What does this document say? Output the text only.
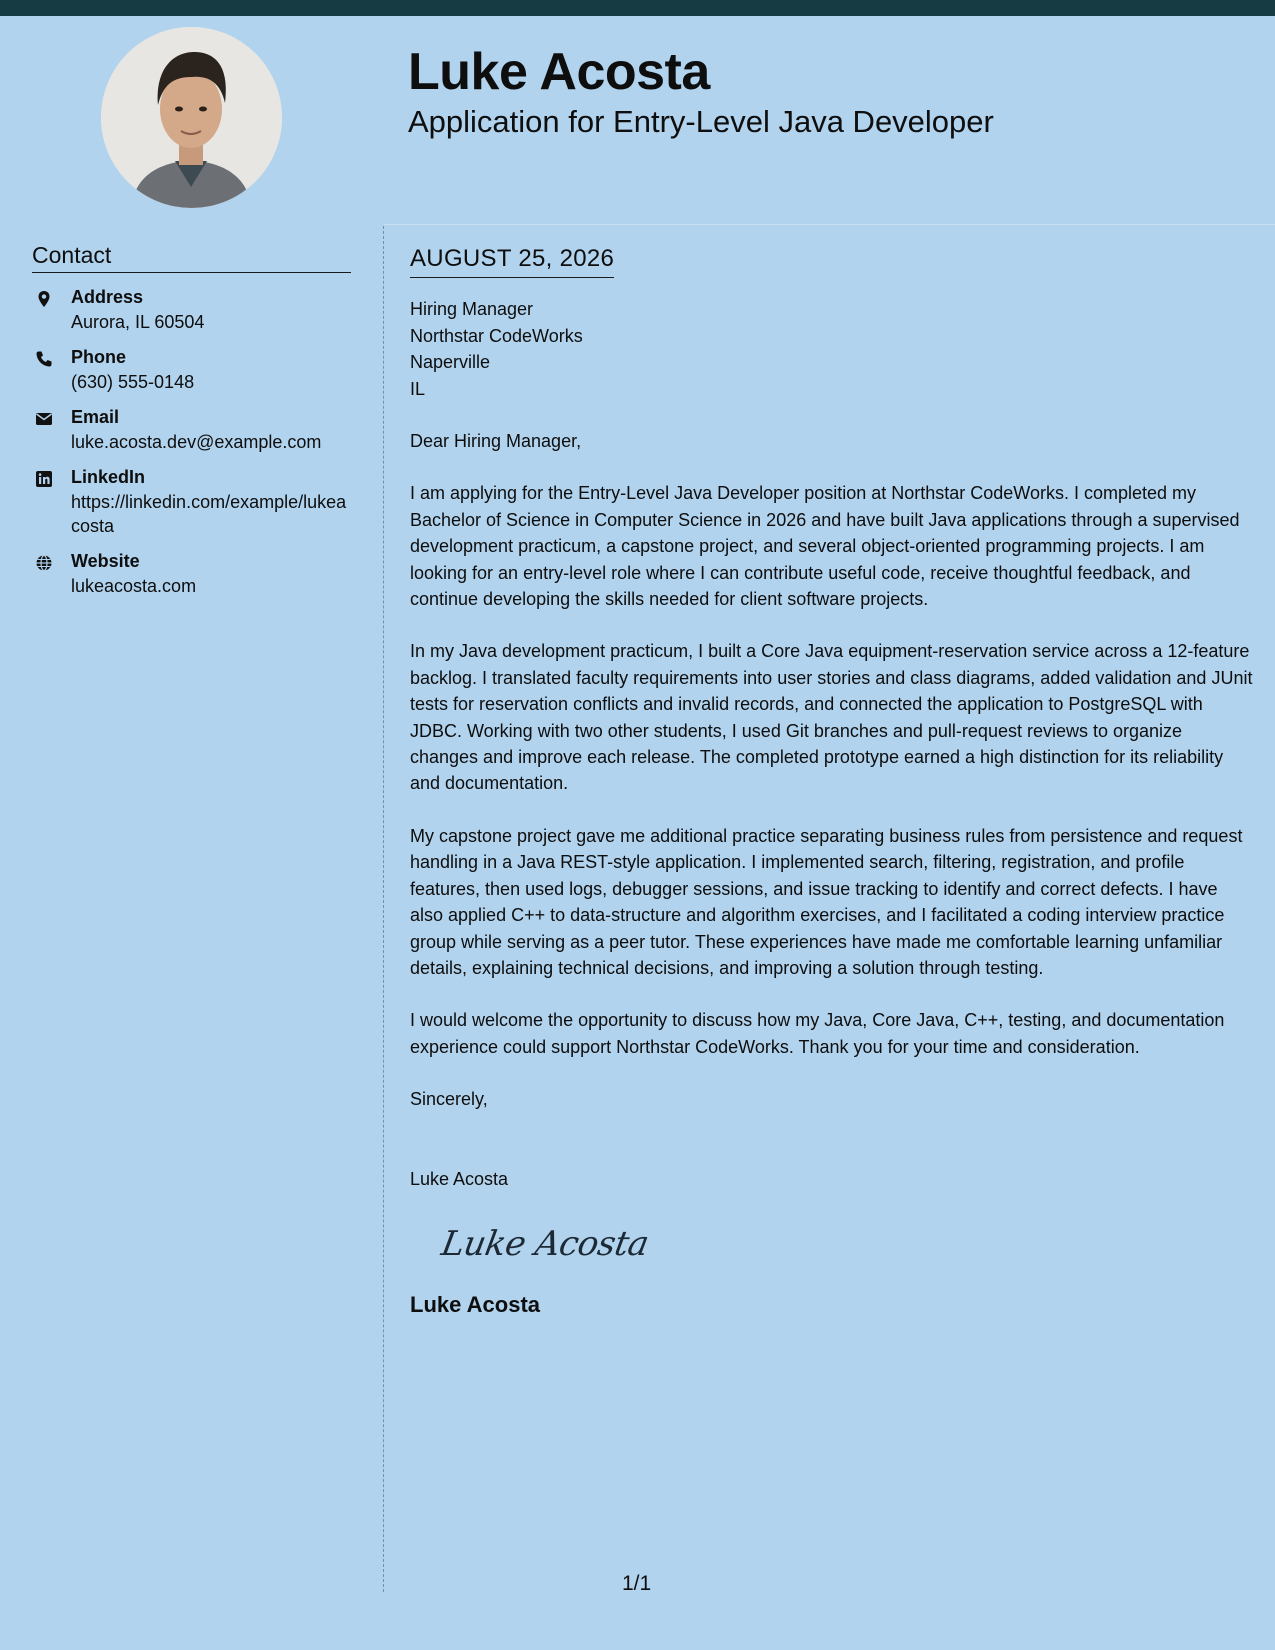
Luke Acosta
Application for Entry-Level Java Developer
Contact
Address
Aurora, IL 60504
Phone
(630) 555-0148
Email
luke.acosta.dev@example.com
LinkedIn
https://linkedin.com/example/lukeacosta
Website
lukeacosta.com
AUGUST 25, 2026
Hiring Manager
Northstar CodeWorks
Naperville
IL

Dear Hiring Manager,

I am applying for the Entry-Level Java Developer position at Northstar CodeWorks. I completed my Bachelor of Science in Computer Science in 2026 and have built Java applications through a supervised development practicum, a capstone project, and several object-oriented programming projects. I am looking for an entry-level role where I can contribute useful code, receive thoughtful feedback, and continue developing the skills needed for client software projects.

In my Java development practicum, I built a Core Java equipment-reservation service across a 12-feature backlog. I translated faculty requirements into user stories and class diagrams, added validation and JUnit tests for reservation conflicts and invalid records, and connected the application to PostgreSQL with JDBC. Working with two other students, I used Git branches and pull-request reviews to organize changes and improve each release. The completed prototype earned a high distinction for its reliability and documentation.

My capstone project gave me additional practice separating business rules from persistence and request handling in a Java REST-style application. I implemented search, filtering, registration, and profile features, then used logs, debugger sessions, and issue tracking to identify and correct defects. I have also applied C++ to data-structure and algorithm exercises, and I facilitated a coding interview practice group while serving as a peer tutor. These experiences have made me comfortable learning unfamiliar details, explaining technical decisions, and improving a solution through testing.

I would welcome the opportunity to discuss how my Java, Core Java, C++, testing, and documentation experience could support Northstar CodeWorks. Thank you for your time and consideration.

Sincerely,

Luke Acosta

Luke Acosta
Luke Acosta
1/1
